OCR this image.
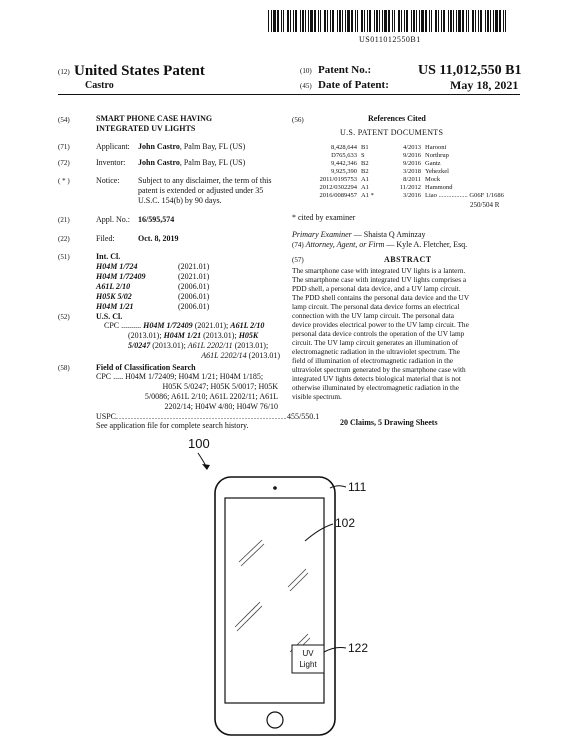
US011012550B1
(12) United States Patent
Castro
(10) Patent No.:	US 11,012,550 B1
(45) Date of Patent:	May 18, 2021
(54)	SMART PHONE CASE HAVING
INTEGRATED UV LIGHTS
(71)	Applicant: John Castro, Palm Bay, FL (US)
(72)	Inventor: John Castro, Palm Bay, FL (US)
( * )	Notice: Subject to any disclaimer, the term of this
patent is extended or adjusted under 35
U.S.C. 154(b) by 90 days.
(21)	Appl. No.: 16/595,574
(22)	Filed:	Oct. 8, 2019
(51)	Int. Cl.
H04M 1/724	(2021.01)
H04M 1/72409	(2021.01)
A61L 2/10	(2006.01)
H05K 5/02	(2006.01)
H04M 1/21	(2006.01)
(52)	U.S. Cl.
CPC .......... H04M 1/72409 (2021.01); A61L 2/10
(2013.01); H04M 1/21 (2013.01); H05K
5/0247 (2013.01); A61L 2202/11 (2013.01);
A61L 2202/14 (2013.01)
(58)	Field of Classification Search
CPC ..... H04M 1/72409; H04M 1/21; H04M 1/185;
H05K 5/0247; H05K 5/0017; H05K
5/0086; A61L 2/10; A61L 2202/11; A61L
2202/14; H04W 4/80; H04W 76/10
USPC ......................................................... 455/550.1
See application file for complete search history.
(56)	References Cited
U.S. PATENT DOCUMENTS
8,428,644 B1	4/2013 Harooni
D765,633 S	9/2016 Northrup
9,442,346 B2	9/2016 Gantz
9,925,390 B2	3/2018 Yehezkel
2011/0195753 A1	8/2011 Mock
2012/0302294 A1	11/2012 Hammond
2016/0089457 A1 *	3/2016 Liao .................. G06F 1/1686
250/504 R
* cited by examiner
Primary Examiner — Shaista Q Aminzay
(74) Attorney, Agent, or Firm — Kyle A. Fletcher, Esq.
(57)	ABSTRACT
The smartphone case with integrated UV lights is a lantern.
The smartphone case with integrated UV lights comprises a
PDD shell, a personal data device, and a UV lamp circuit.
The PDD shell contains the personal data device and the UV
lamp circuit. The personal data device forms an electrical
connection with the UV lamp circuit. The personal data
device provides electrical power to the UV lamp circuit. The
personal data device controls the operation of the UV lamp
circuit. The UV lamp circuit generates an illumination of
electromagnetic radiation in the ultraviolet spectrum. The
field of illumination of electromagnetic radiation in the
ultraviolet spectrum generated by the smartphone case with
integrated UV lights detects biological material that is not
otherwise illuminated by electromagnetic radiation in the
visible spectrum.
20 Claims, 5 Drawing Sheets
100
UV
Light
111
102
122
